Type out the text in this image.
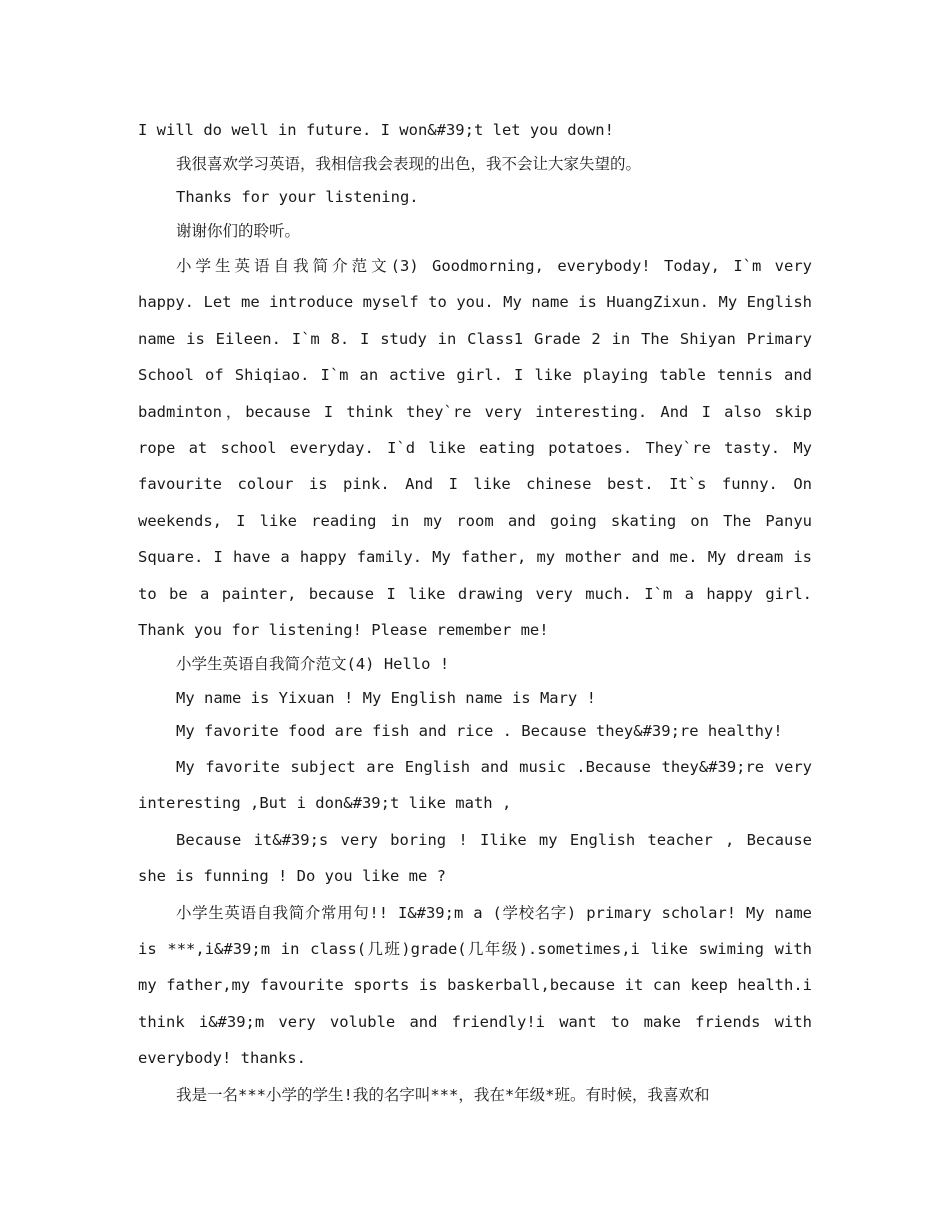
I will do well in future. I won&#39;t let you down!

我很喜欢学习英语，我相信我会表现的出色，我不会让大家失望的。

Thanks for your listening.

谢谢你们的聆听。

小学生英语自我简介范文(3) Goodmorning, everybody! Today, I`m very happy. Let me introduce myself to you. My name is HuangZixun. My English name is Eileen. I`m 8. I study in Class1 Grade 2 in The Shiyan Primary School of Shiqiao. I`m an active girl. I like playing table tennis and badminton，because I think they`re very interesting. And I also skip rope at school everyday. I`d like eating potatoes. They`re tasty. My favourite colour is pink. And I like chinese best. It`s funny. On weekends, I like reading in my room and going skating on The Panyu Square. I have a happy family. My father, my mother and me. My dream is to be a painter, because I like drawing very much. I`m a happy girl. Thank you for listening! Please remember me!

小学生英语自我简介范文(4) Hello !

My name is Yixuan ! My English name is Mary !

My favorite food are fish and rice . Because they&#39;re healthy!

My favorite subject are English and music .Because they&#39;re very interesting ,But i don&#39;t like math ,

Because it&#39;s very boring ! Ilike my English teacher , Because she is funning ! Do you like me ?

小学生英语自我简介常用句!! I&#39;m a (学校名字) primary scholar! My name is ***,i&#39;m in class(几班)grade(几年级).sometimes,i like swiming with my father,my favourite sports is baskerball,because it can keep health.i think i&#39;m very voluble and friendly!i want to make friends with everybody! thanks.

我是一名***小学的学生!我的名字叫***，我在*年级*班。有时候，我喜欢和
